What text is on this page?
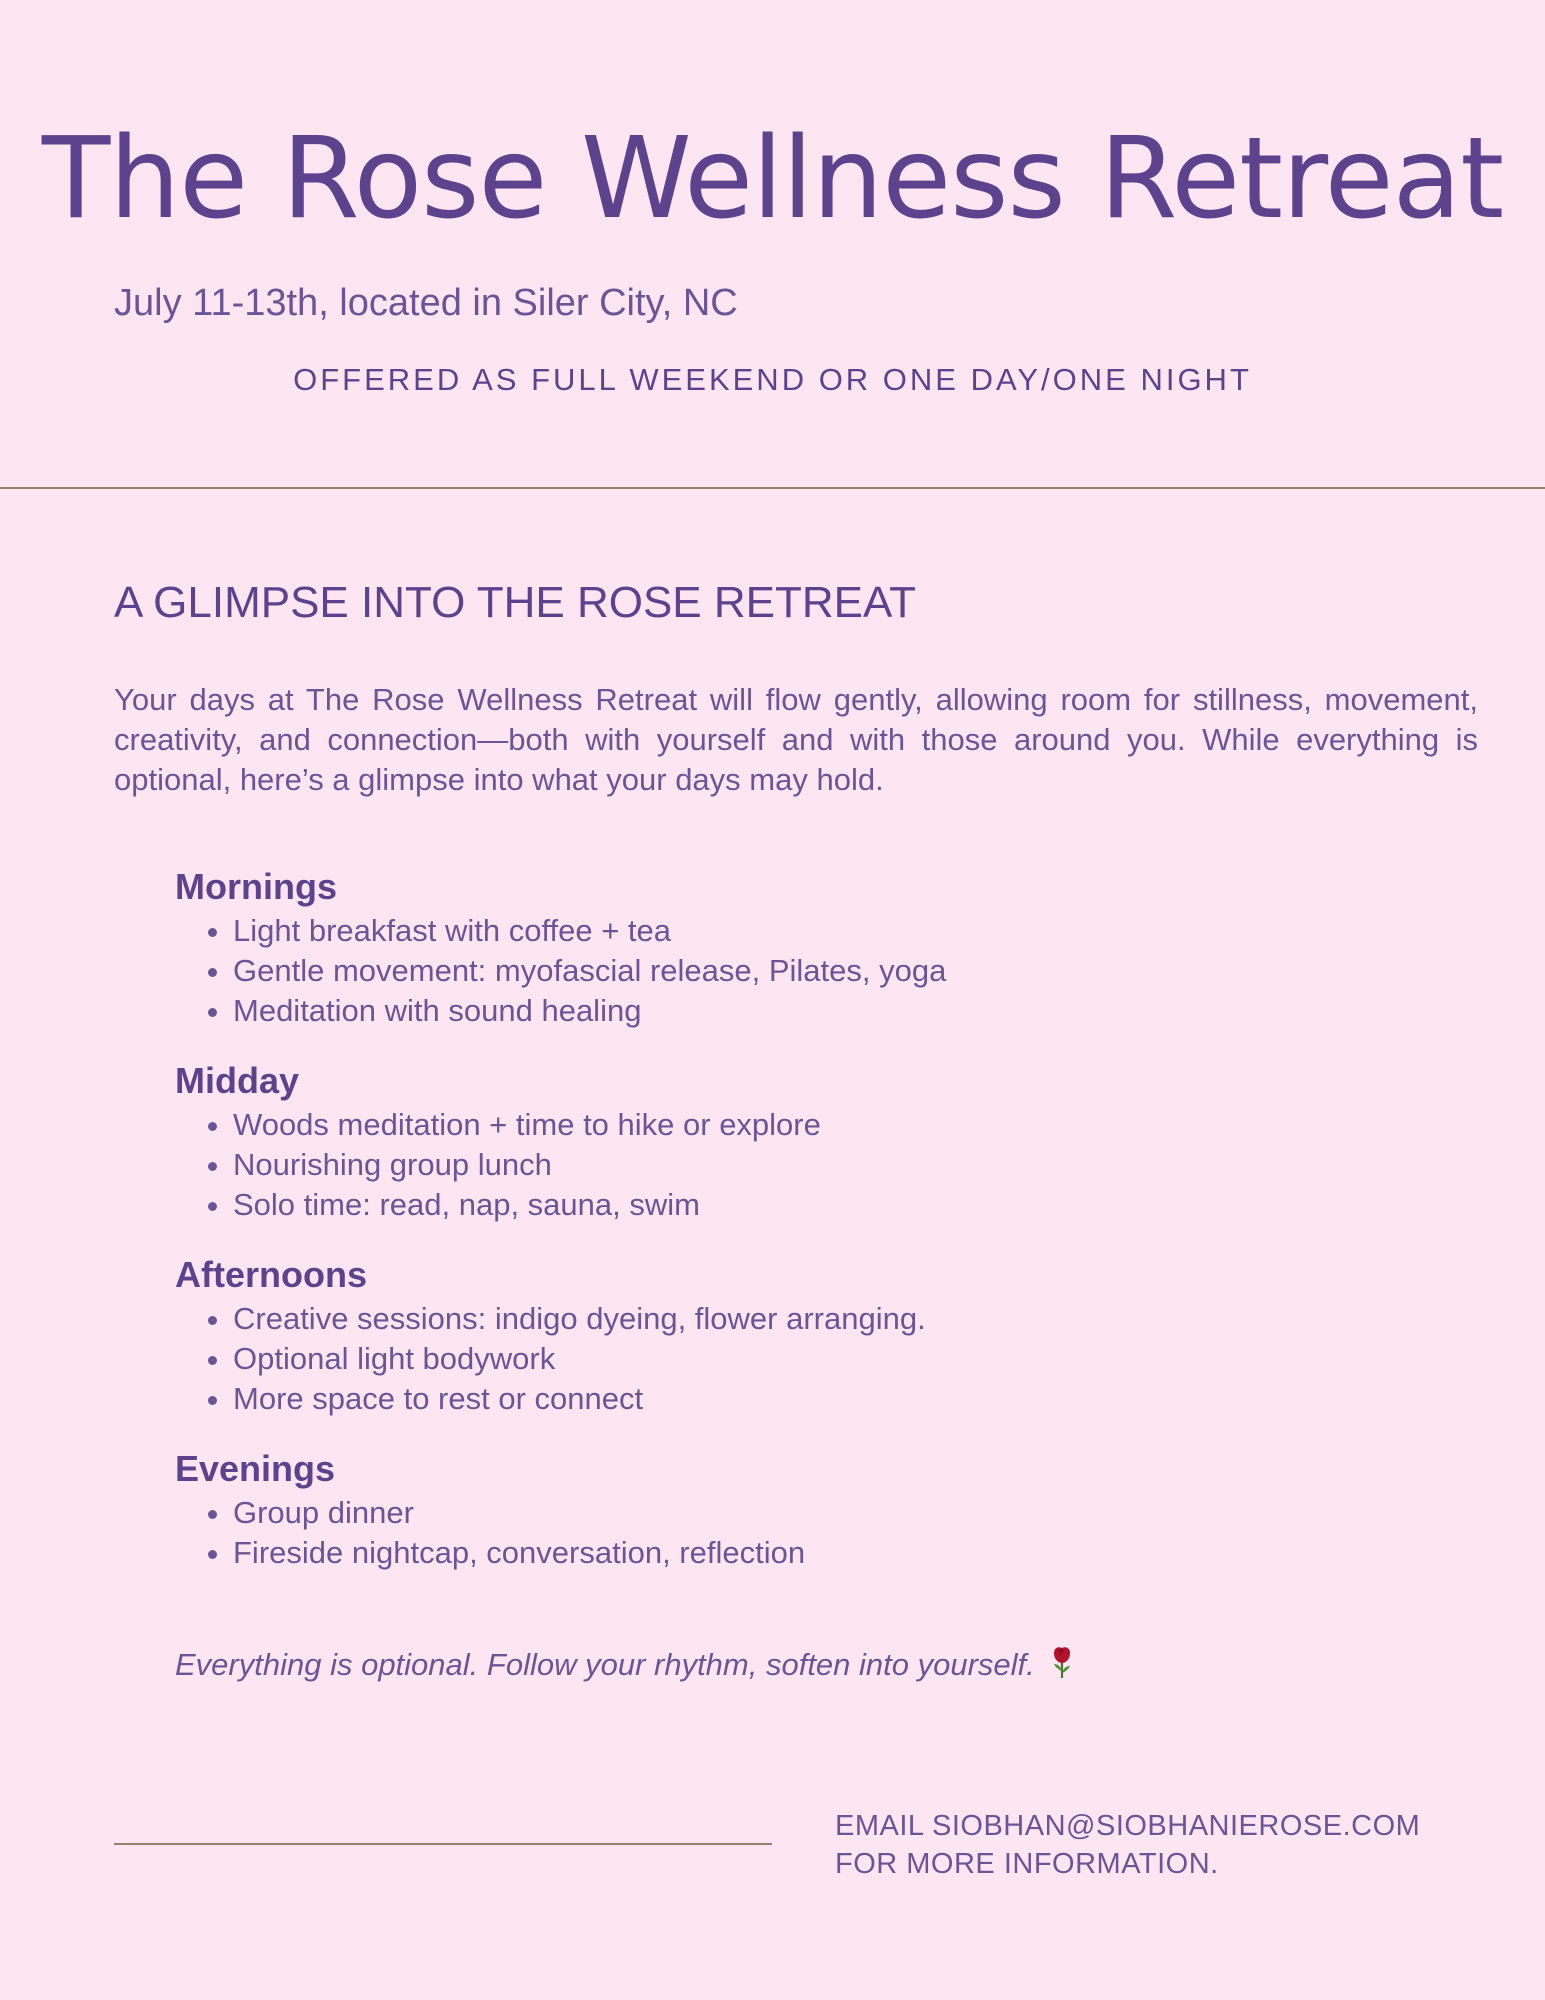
The Rose Wellness Retreat
July 11-13th, located in Siler City, NC
OFFERED AS FULL WEEKEND OR ONE DAY/ONE NIGHT
A GLIMPSE INTO THE ROSE RETREAT

Your days at The Rose Wellness Retreat will flow gently, allowing room for stillness, movement, creativity, and connection—both with yourself and with those around you. While everything is optional, here’s a glimpse into what your days may hold.

Mornings
• Light breakfast with coffee + tea
• Gentle movement: myofascial release, Pilates, yoga
• Meditation with sound healing
Midday
• Woods meditation + time to hike or explore
• Nourishing group lunch
• Solo time: read, nap, sauna, swim
Afternoons
• Creative sessions: indigo dyeing, flower arranging.
• Optional light bodywork
• More space to rest or connect
Evenings
• Group dinner
• Fireside nightcap, conversation, reflection
Everything is optional. Follow your rhythm, soften into yourself.
EMAIL SIOBHAN@SIOBHANIEROSE.COM
FOR MORE INFORMATION.
